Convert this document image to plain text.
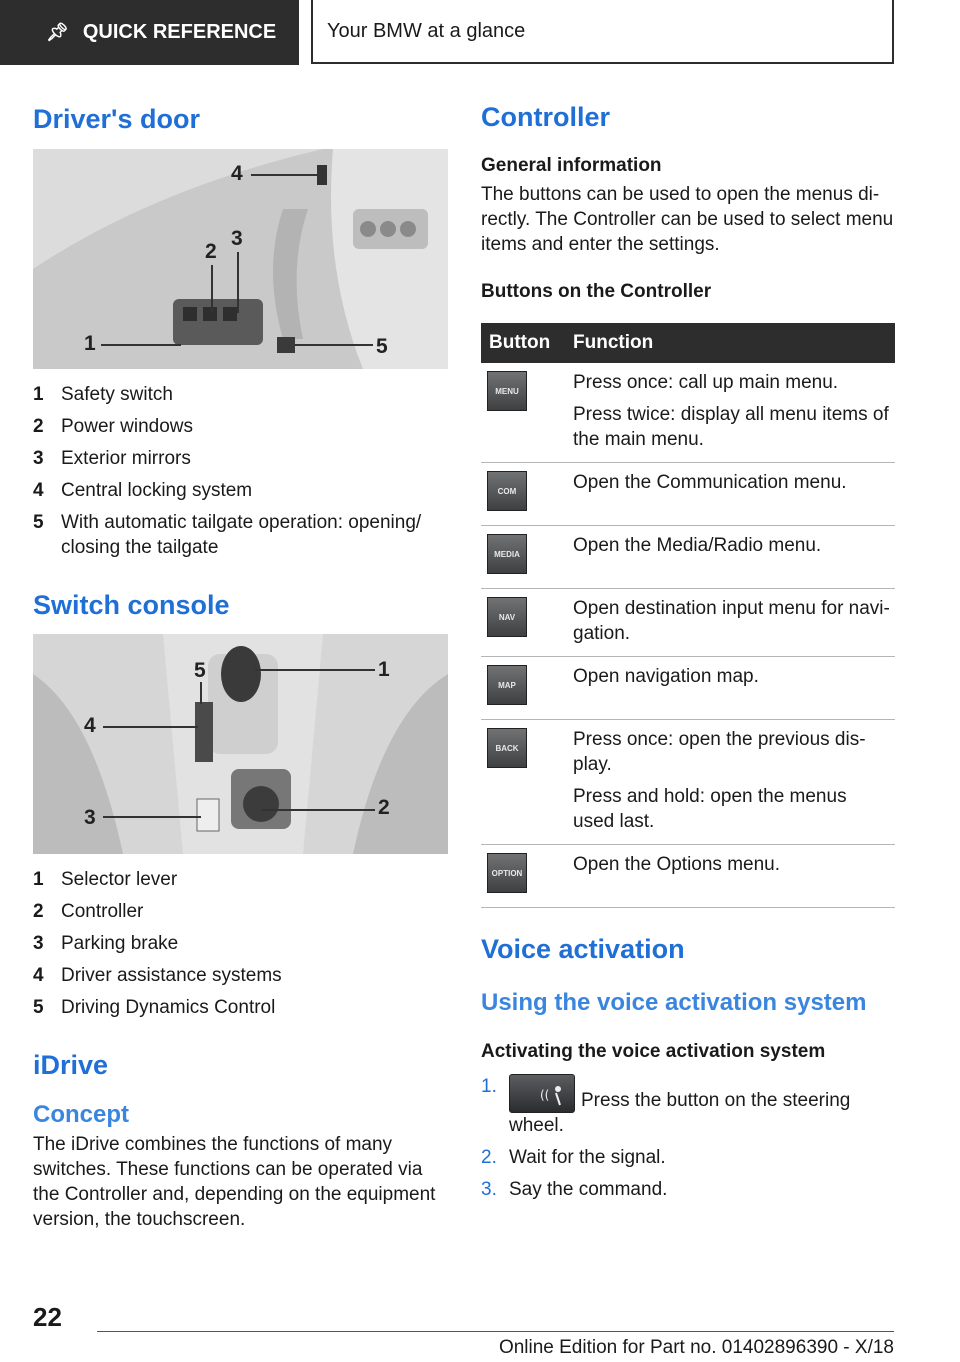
📌︎ QUICK REFERENCE	Your BMW at a glance
Driver's door
4
2
3
1	5
1 Safety switch
2 Power windows
3 Exterior mirrors
4 Central locking system
5 With automatic tailgate operation: opening/ closing the tailgate
Switch console
5	1
4
3	2
1 Selector lever
2 Controller
3 Parking brake
4 Driver assistance systems
5 Driving Dynamics Control
iDrive
Concept

The iDrive combines the functions of many switches. These functions can be operated via the Controller and, depending on the equipment version, the touchscreen.

Controller
General information

The buttons can be used to open the menus di-rectly. The Controller can be used to select menu items and enter the settings.

Buttons on the Controller
Button	Function

MENU	Press once: call up main menu.

Press twice: display all menu items of the main menu.

COM	Open the Communication menu.

MEDIA	Open the Media/Radio menu.

NAV	Open destination input menu for navi-gation.

MAP	Open navigation map.

BACK	Press once: open the previous dis-play.

Press and hold: open the menus used last.

OPTION	Open the Options menu.

Voice activation
Using the voice activation system
Activating the voice activation system
1.	(( Press the button on the steering wheel.
2. Wait for the signal.
3. Say the command.
22
Online Edition for Part no. 01402896390 - X/18
